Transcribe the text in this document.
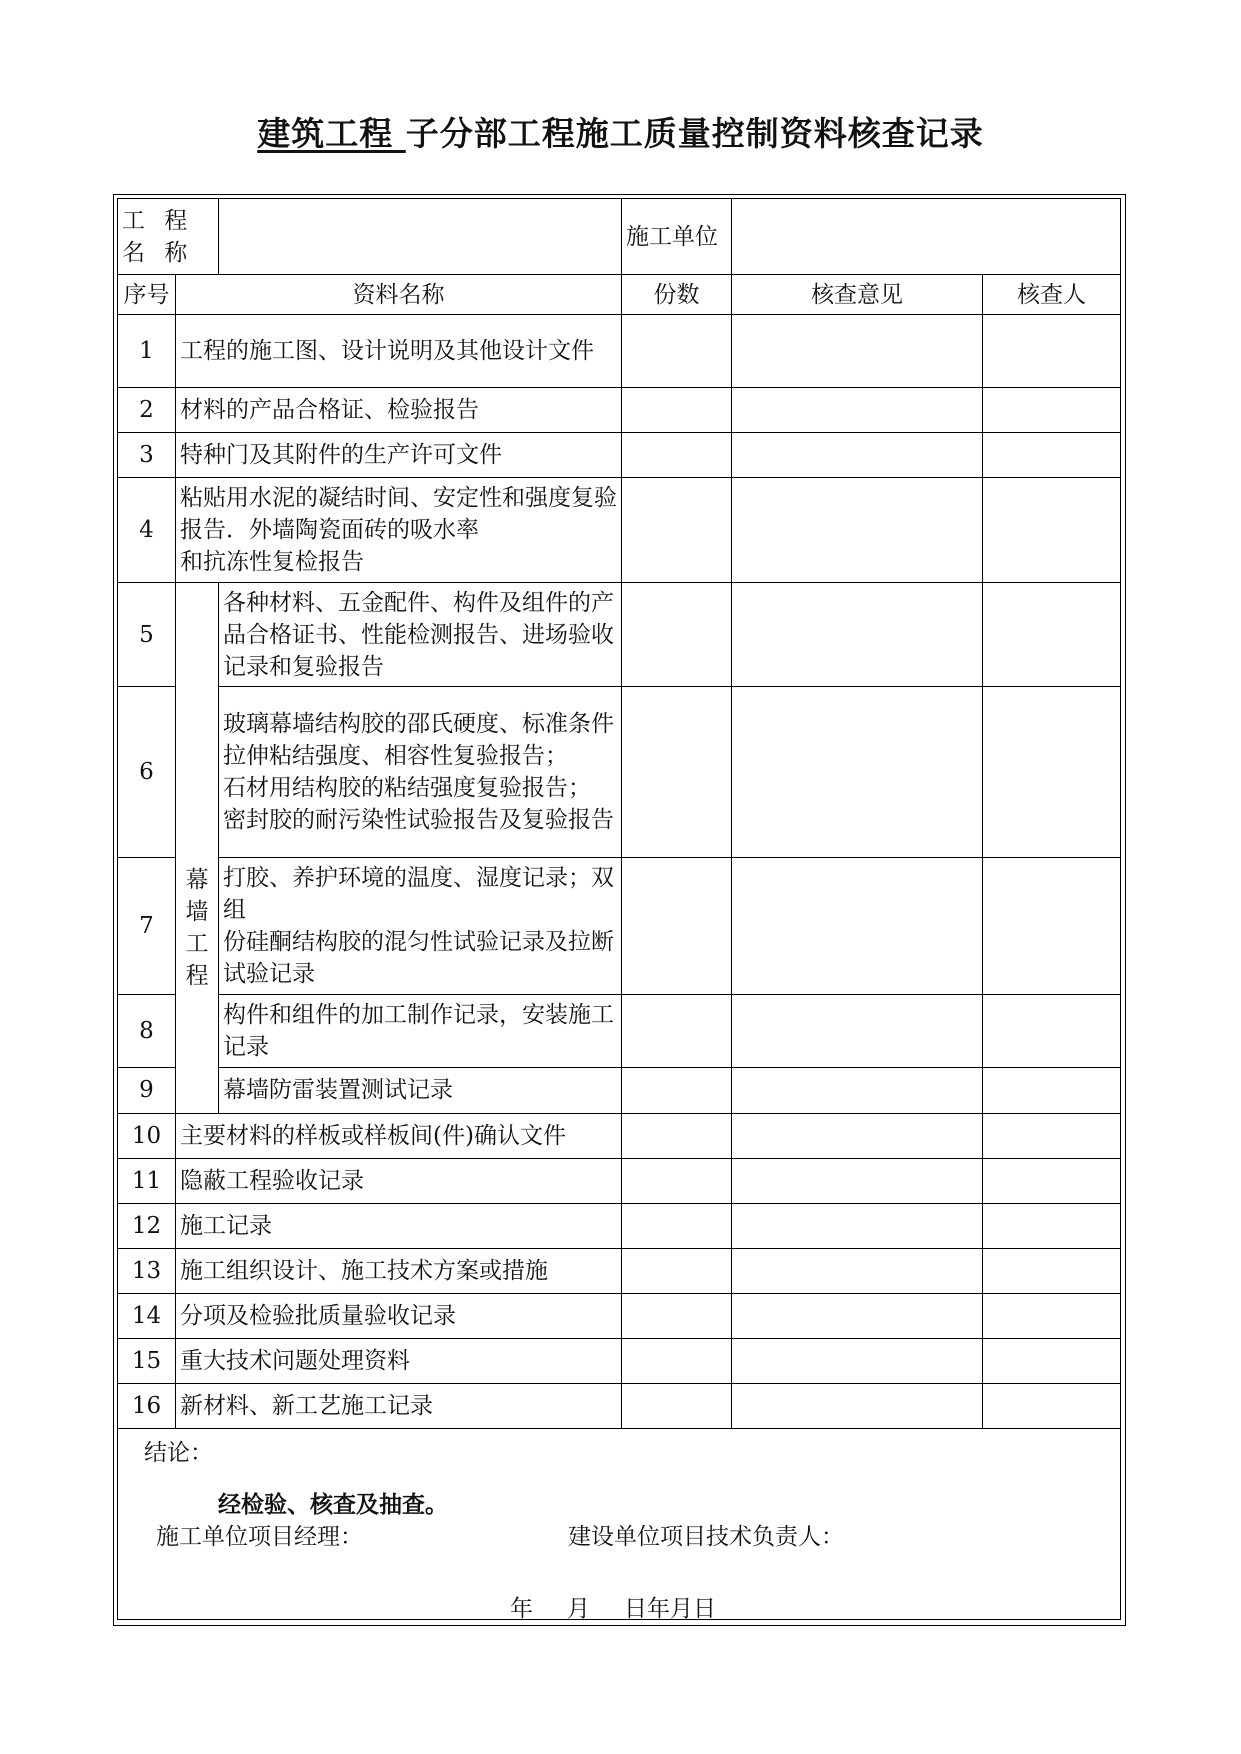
建筑工程 子分部工程施工质量控制资料核查记录
工 程 名 称			施工单位		
序号	资料名称		份数	核查意见	核查人
1	工程的施工图、设计说明及其他设计文件				
2	材料的产品合格证、检验报告				
3	特种门及其附件的生产许可文件				
4	粘贴用水泥的凝结时间、安定性和强度复验报告．外墙陶瓷面砖的吸水率
和抗冻性复检报告				

5	幕墙工程	各种材料、五金配件、构件及组件的产品合格证书、性能检测报告、进场验收记录和复验报告			
6		玻璃幕墙结构胶的邵氏硬度、标准条件拉伸粘结强度、相容性复验报告；
石材用结构胶的粘结强度复验报告；
密封胶的耐污染性试验报告及复验报告			

7		打胶、养护环境的温度、湿度记录；双组
份硅酮结构胶的混匀性试验记录及拉断试验记录			

8		构件和组件的加工制作记录，安装施工记录			
9		幕墙防雷装置测试记录			
10	主要材料的样板或样板间(件)确认文件				
11	隐蔽工程验收记录				
12	施工记录				
13	施工组织设计、施工技术方案或措施				
14	分项及检验批质量验收记录				
15	重大技术问题处理资料				
16	新材料、新工艺施工记录				

结论：
经检验、核查及抽查。
施工单位项目经理： 建设单位项目技术负责人：
年 月 日年月日					
